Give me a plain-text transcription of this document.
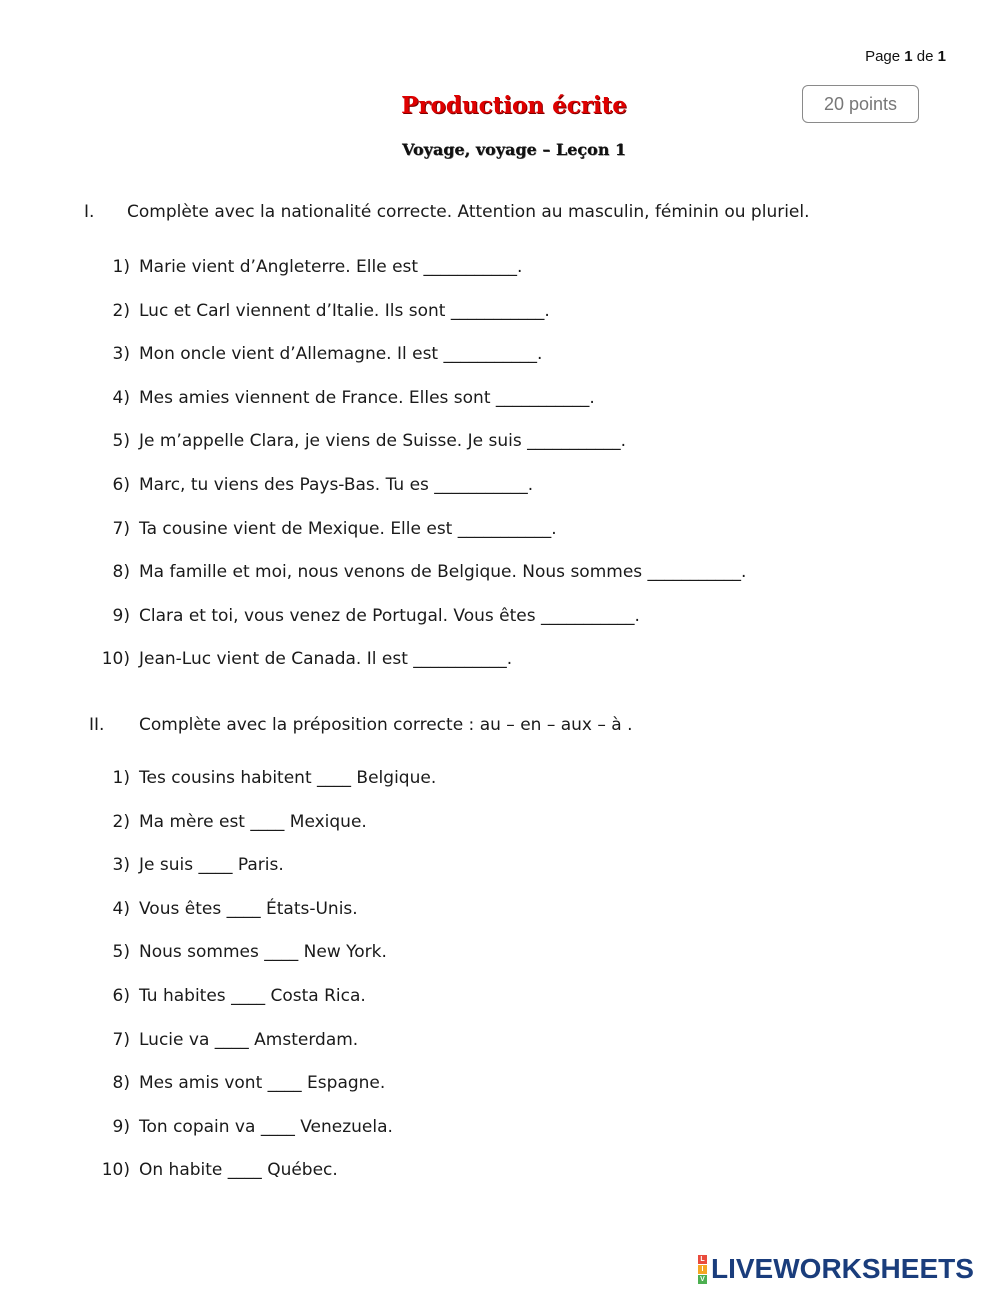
Page 1 de 1
Production écrite	20 points
Voyage, voyage – Leçon 1
I. Complète avec la nationalité correcte. Attention au masculin, féminin ou pluriel.
1) Marie vient d’Angleterre. Elle est ___________.
2) Luc et Carl viennent d’Italie. Ils sont ___________.
3) Mon oncle vient d’Allemagne. Il est ___________.
4) Mes amies viennent de France. Elles sont ___________.
5) Je m’appelle Clara, je viens de Suisse. Je suis ___________.
6) Marc, tu viens des Pays-Bas. Tu es ___________.
7) Ta cousine vient de Mexique. Elle est ___________.
8) Ma famille et moi, nous venons de Belgique. Nous sommes ___________.
9) Clara et toi, vous venez de Portugal. Vous êtes ___________.
10) Jean-Luc vient de Canada. Il est ___________.
II. Complète avec la préposition correcte : au – en – aux – à .
1) Tes cousins habitent ____ Belgique.
2) Ma mère est ____ Mexique.
3) Je suis ____ Paris.
4) Vous êtes ____ États-Unis.
5) Nous sommes ____ New York.
6) Tu habites ____ Costa Rica.
7) Lucie va ____ Amsterdam.
8) Mes amis vont ____ Espagne.
9) Ton copain va ____ Venezuela.
10) On habite ____ Québec.
L
I
V LIVEWORKSHEETS
